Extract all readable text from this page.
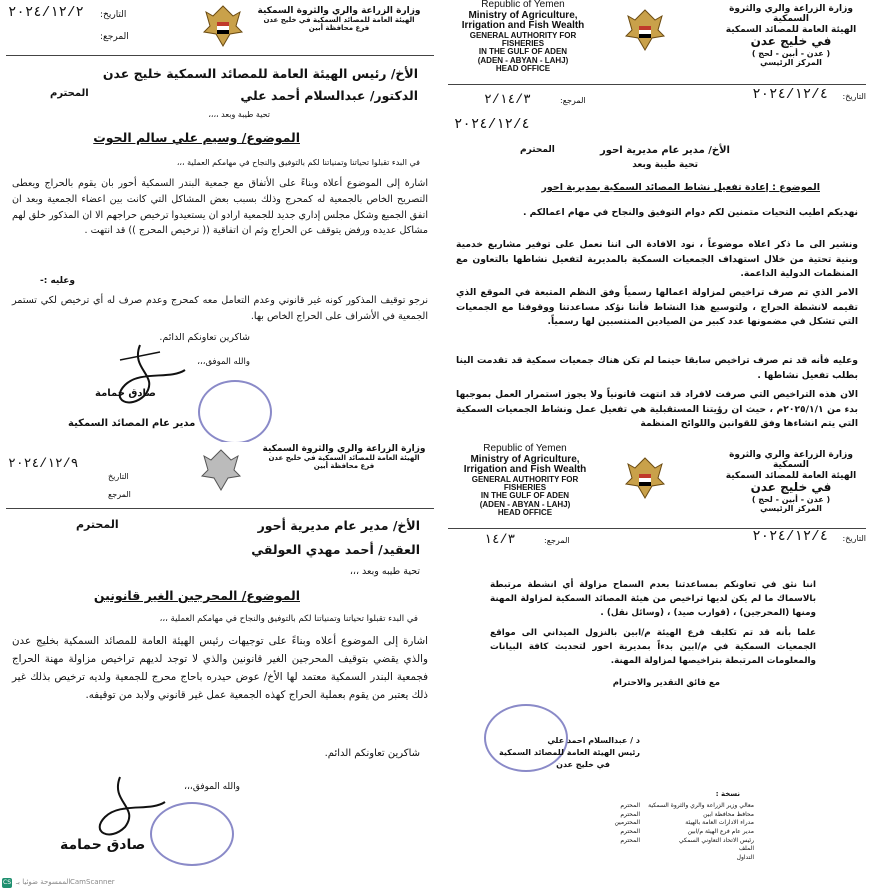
وزارة الزراعة والري والثروة السمكية
الهيئة العامة للمصائد السمكية في خليج عدن
فرع محافظة أبين
التاريخ:
٢٠٢٤/١٢/٢
المرجع:
الأخ/ رئيس الهيئة العامة للمصائد السمكية خليج عدن
الدكتور/ عبدالسلام أحمد علي
المحترم
تحية طيبة وبعد ،،،،
الموضوع/ وسيم علي سالم الحوت
في البدء تقبلوا تحياتنا وتمنياتنا لكم بالتوفيق والنجاح في مهامكم العملية ،،،
اشارة إلى الموضوع أعلاه وبناءً على الأتفاق مع جمعية البندر السمكية أحور بان يقوم بالحراج ويعطى التصريح الخاص بالجمعية له كمحرج وذلك بسبب بعض المشاكل التي كانت بين اعضاء الجمعية وبعد ان اتفق الجميع وشكل مجلس إداري جديد للجمعية ارادو ان يستعيدوا ترخيص حراجهم الا ان المذكور خلق لهم مشاكل عديده ورفض يتوقف عن الحراج وثم ان اتفاقية (( ترخيص المحرج )) قد انتهت .
وعليه :-
نرجو توقيف المذكور كونه غير قانوني وعدم التعامل معه كمحرج وعدم صرف له أي ترخيص لكي تستمر الجمعية في الأشراف على الحراج الخاص بها.
شاكرين تعاونكم الدائم.
والله الموفق،،،
صادق حمامة
مدير عام المصائد السمكية
Republic of Yemen
Ministry of Agriculture,
Irrigation and Fish Wealth
GENERAL AUTHORITY FOR FISHERIES
IN THE GULF OF ADEN
(ADEN - ABYAN - LAHJ)
HEAD OFFICE
وزارة الزراعة والري والثروة السمكية
الهيئة العامة للمصائد السمكية
في خليج عدن
( عدن - أبين - لحج )
المركز الرئيسي
التاريخ:
٢٠٢٤/١٢/٤
المرجع:
٢/١٤/٣
٢٠٢٤/١٢/٤
الأخ/ مدير عام مديرية احور
المحترم
تحية طيبة وبعد
الموضوع : إعادة تفعيل نشاط المصائد السمكية بمديرية احور
نهديكم اطيب التحيات متمنين لكم دوام التوفيق والنجاح في مهام اعمالكم .
ونشير الى ما ذكر اعلاه موضوعاً ، نود الافادة الى اننا نعمل على توفير مشاريع خدمية وبنية تحتية من خلال استهداف الجمعيات السمكية بالمديرية لتفعيل نشاطها بالتعاون مع المنظمات الدولية الداعمة.
الامر الذي تم صرف تراخيص لمزاولة اعمالها رسمياً وفق النظم المتبعة في الموقع الذي تقيمه لانشطة الحراج ، ولتوسيع هذا النشاط فأننا نؤكد مساعدتنا ووقوفنا مع الجمعيات التي تشكل في مضمونها عدد كبير من الصيادين المنتسبين لها رسمياً.
وعليه فأنه قد تم صرف تراخيص سابقا حينما لم تكن هناك جمعيات سمكية قد تقدمت الينا بطلب تفعيل نشاطها .
الان هذه التراخيص التي صرفت لافراد قد انتهت قانونياً ولا يجوز استمرار العمل بموجبها بدء من ٢٠٢٥/١/١م ، حيث ان رؤيتنا المستقبلية هي تفعيل عمل ونشاط الجمعيات السمكية التي يتم انشاءها وفق للقوانين واللوائح المنظمة
وزارة الزراعة والري والثروة السمكية
الهيئة العامة للمصائد السمكية في خليج عدن
فرع محافظة أبين
٢٠٢٤/١٢/٩
التاريخ
المرجع
الأخ/ مدير عام مديرية أحور
المحترم
العقيد/ أحمد مهدي العولقي
تحية طيبه وبعد ،،،
الموضوع/ المحرجين الغير قانونين
في البدء تقبلوا تحياتنا وتمنياتنا لكم بالتوفيق والنجاح في مهامكم العملية ،،،
اشارة إلى الموضوع أعلاه وبناءً على توجيهات رئيس الهيئة العامة للمصائد السمكية بخليج عدن والذي يقضي بتوقيف المحرجين الغير قانونين والذي لا توجد لديهم تراخيص مزاولة مهنة الحراج فجمعية البندر السمكية معتمد لها الأخ/ عوض حيدره باحاج محرج للجمعية ولديه ترخيص بذلك غير ذلك يعتبر من يقوم بعملية الحراج كهذه الجمعية عمل غير قانوني ولابد من توقيفه.
شاكرين تعاونكم الدائم.
والله الموفق،،،
صادق حمامة
Republic of Yemen
Ministry of Agriculture,
Irrigation and Fish Wealth
GENERAL AUTHORITY FOR FISHERIES
IN THE GULF OF ADEN
(ADEN - ABYAN - LAHJ)
HEAD OFFICE
وزارة الزراعة والري والثروة السمكية
الهيئة العامة للمصائد السمكية
في خليج عدن
( عدن - أبين - لحج )
المركز الرئيسي
التاريخ:
٢٠٢٤/١٢/٤
المرجع:
١٤/٣
اننا نثق في تعاونكم بمساعدتنا بعدم السماح مزاولة أي انشطة مرتبطة بالاسماك ما لم يكن لديها تراخيص من هيئة المصائد السمكية لمزاولة المهنة ومنها (المحرجين) ، (قوارب صيد) ، (وسائل نقل) .
علما بأنه قد تم تكليف فرع الهيئة م/ابين بالنزول الميداني الى مواقع الجمعيات السمكية في م/ابين بدءاً بمديرية احور لتحديث كافة البيانات والمعلومات المرتبطة بتراخيصها لمزاولة المهنة.
مع فائق التقدير والاحترام
د / عبدالسلام احمد علي
رئيس الهيئة العامة للمصائد السمكية
في خليج عدن
نسخة :
معالي وزير الزراعة والري والثروة السمكية
محافظ محافظة ابين
مدراء الادارات العامة بالهيئة
مدير عام فرع الهيئة م/ابين
رئيس الاتحاد التعاوني السمكي
الملف
التداول
المحترم
المحترم
المحترمين
المحترم
المحترم
CS الممسوحة ضوئيا بـ CamScanner
